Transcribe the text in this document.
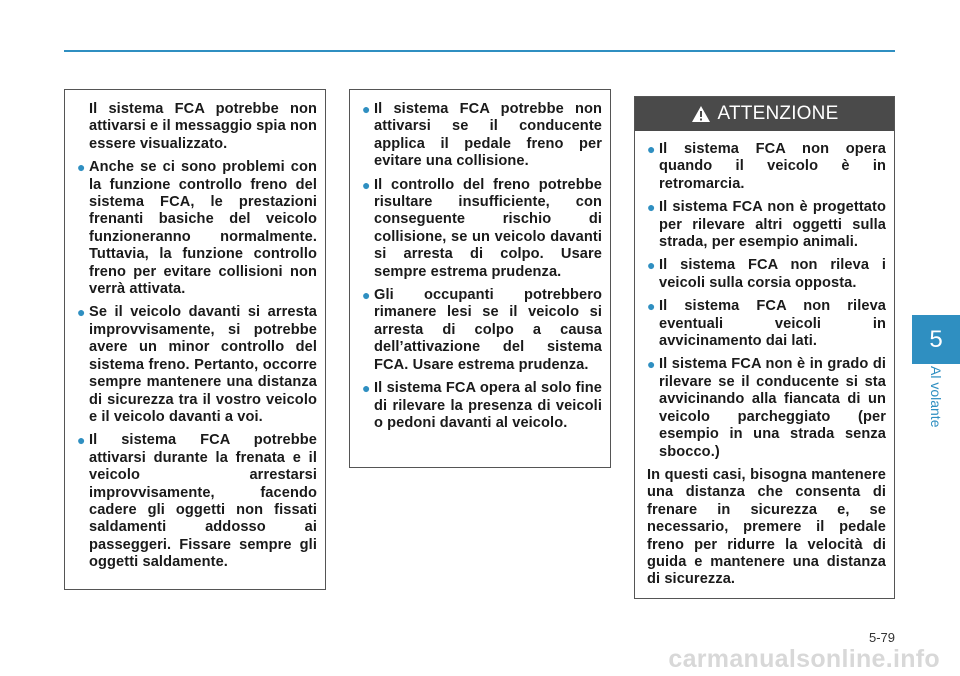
Il sistema FCA potrebbe non attivarsi e il messaggio spia non essere visualizzato.
● Anche se ci sono problemi con la funzione controllo freno del sistema FCA, le prestazioni frenanti basiche del veicolo funzioneranno normalmente. Tuttavia, la funzione controllo freno per evitare collisioni non verrà attivata.
● Se il veicolo davanti si arresta improvvisamente, si potrebbe avere un minor controllo del sistema freno. Pertanto, occorre sempre mantenere una distanza di sicurezza tra il vostro veicolo e il veicolo davanti a voi.
● Il sistema FCA potrebbe attivarsi durante la frenata e il veicolo arrestarsi improvvisamente, facendo cadere gli oggetti non fissati saldamenti addosso ai passeggeri. Fissare sempre gli oggetti saldamente.
● Il sistema FCA potrebbe non attivarsi se il conducente applica il pedale freno per evitare una collisione.
● Il controllo del freno potrebbe risultare insufficiente, con conseguente rischio di collisione, se un veicolo davanti si arresta di colpo. Usare sempre estrema prudenza.
● Gli occupanti potrebbero rimanere lesi se il veicolo si arresta di colpo a causa dell’attivazione del sistema FCA. Usare estrema prudenza.
● Il sistema FCA opera al solo fine di rilevare la presenza di veicoli o pedoni davanti al veicolo.
ATTENZIONE
● Il sistema FCA non opera quando il veicolo è in retromarcia.
● Il sistema FCA non è progettato per rilevare altri oggetti sulla strada, per esempio animali.
● Il sistema FCA non rileva i veicoli sulla corsia opposta.
● Il sistema FCA non rileva eventuali veicoli in avvicinamento dai lati.
● Il sistema FCA non è in grado di rilevare se il conducente si sta avvicinando alla fiancata di un veicolo parcheggiato (per esempio in una strada senza sbocco.)
In questi casi, bisogna mantenere una distanza che consenta di frenare in sicurezza e, se necessario, premere il pedale freno per ridurre la velocità di guida e mantenere una distanza di sicurezza.
5
Al volante
5-79
carmanualsonline.info
